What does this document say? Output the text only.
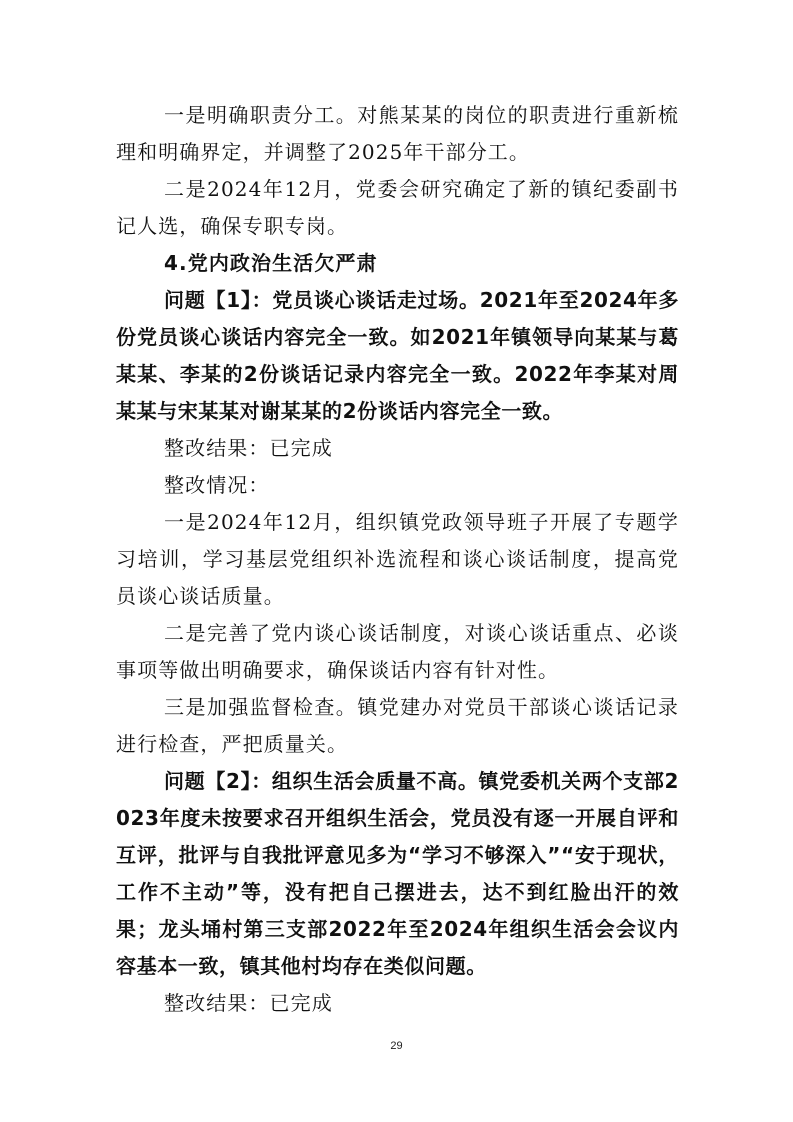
一是明确职责分工。对熊某某的岗位的职责进行重新梳理和明确界定，并调整了2025年干部分工。

二是2024年12月，党委会研究确定了新的镇纪委副书记人选，确保专职专岗。

4.党内政治生活欠严肃

问题【1】：党员谈心谈话走过场。2021年至2024年多份党员谈心谈话内容完全一致。如2021年镇领导向某某与葛某某、李某的2份谈话记录内容完全一致。2022年李某对周某某与宋某某对谢某某的2份谈话内容完全一致。

整改结果：已完成

整改情况：

一是2024年12月，组织镇党政领导班子开展了专题学习培训，学习基层党组织补选流程和谈心谈话制度，提高党员谈心谈话质量。

二是完善了党内谈心谈话制度，对谈心谈话重点、必谈事项等做出明确要求，确保谈话内容有针对性。

三是加强监督检查。镇党建办对党员干部谈心谈话记录进行检查，严把质量关。

问题【2】：组织生活会质量不高。镇党委机关两个支部2023年度未按要求召开组织生活会，党员没有逐一开展自评和互评，批评与自我批评意见多为“学习不够深入”“安于现状，工作不主动”等，没有把自己摆进去，达不到红脸出汗的效果；龙头埇村第三支部2022年至2024年组织生活会会议内容基本一致，镇其他村均存在类似问题。

整改结果：已完成

29
